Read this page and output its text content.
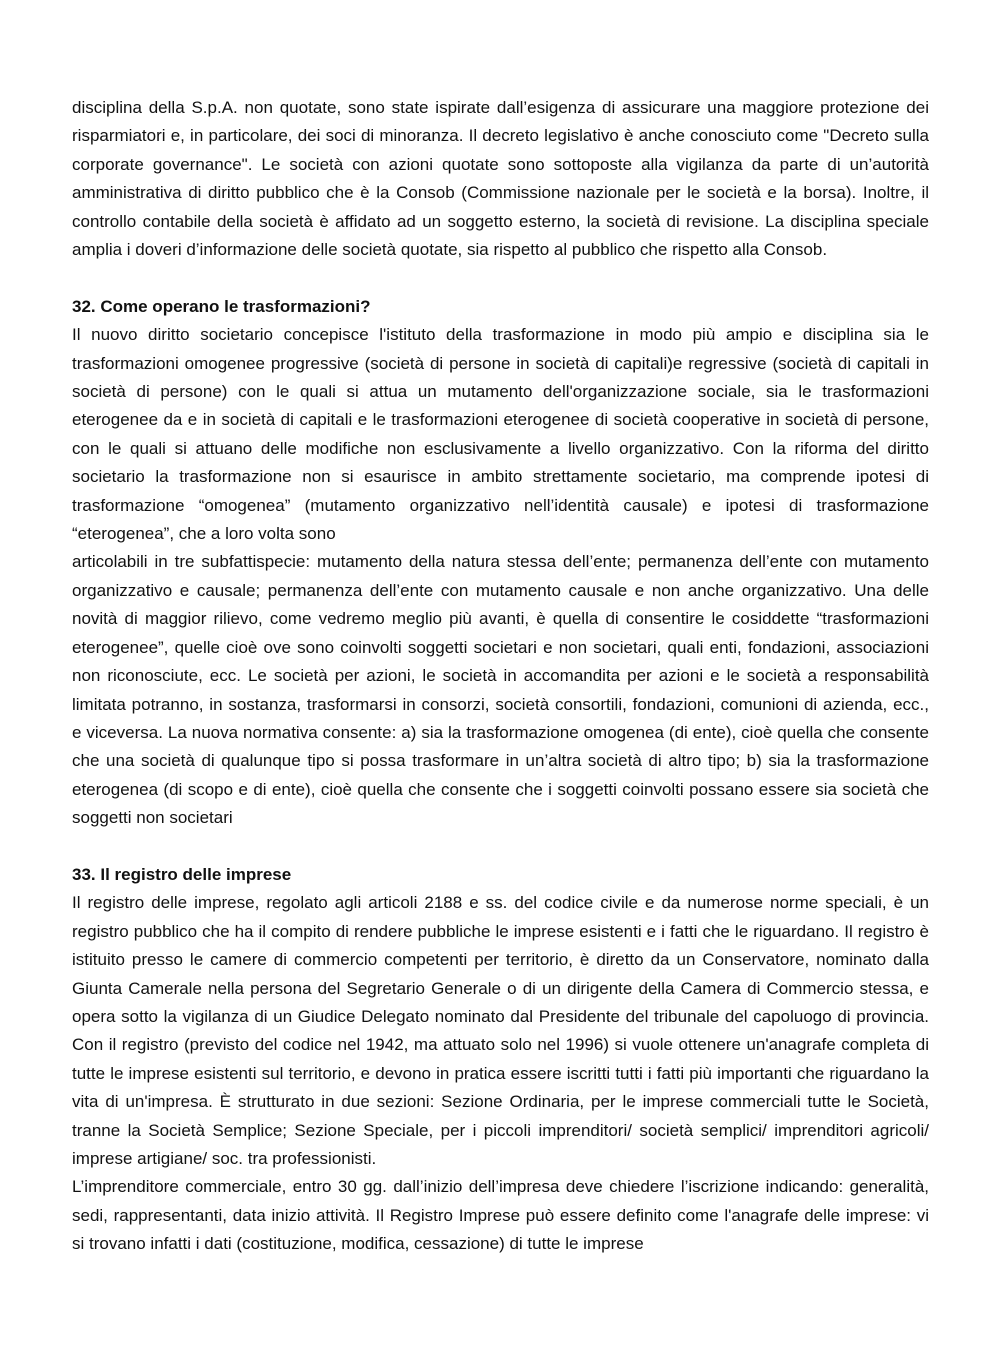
disciplina della S.p.A. non quotate, sono state ispirate dall’esigenza di assicurare una maggiore protezione dei risparmiatori e, in particolare, dei soci di minoranza. Il decreto legislativo è anche conosciuto come "Decreto sulla corporate governance". Le società con azioni quotate sono sottoposte alla vigilanza da parte di un’autorità amministrativa di diritto pubblico che è la Consob (Commissione nazionale per le società e la borsa). Inoltre, il controllo contabile della società è affidato ad un soggetto esterno, la società di revisione. La disciplina speciale amplia i doveri d’informazione delle società quotate, sia rispetto al pubblico che rispetto alla Consob.

32. Come operano le trasformazioni?

Il nuovo diritto societario concepisce l'istituto della trasformazione in modo più ampio e disciplina sia le trasformazioni omogenee progressive (società di persone in società di capitali)e regressive (società di capitali in società di persone) con le quali si attua un mutamento dell'organizzazione sociale, sia le trasformazioni eterogenee da e in società di capitali e le trasformazioni eterogenee di società cooperative in società di persone, con le quali si attuano delle modifiche non esclusivamente a livello organizzativo. Con la riforma del diritto societario la trasformazione non si esaurisce in ambito strettamente societario, ma comprende ipotesi di trasformazione “omogenea” (mutamento organizzativo nell’identità causale) e ipotesi di trasformazione “eterogenea”, che a loro volta sono

articolabili in tre subfattispecie: mutamento della natura stessa dell’ente; permanenza dell’ente con mutamento organizzativo e causale; permanenza dell’ente con mutamento causale e non anche organizzativo. Una delle novità di maggior rilievo, come vedremo meglio più avanti, è quella di consentire le cosiddette “trasformazioni eterogenee”, quelle cioè ove sono coinvolti soggetti societari e non societari, quali enti, fondazioni, associazioni non riconosciute, ecc. Le società per azioni, le società in accomandita per azioni e le società a responsabilità limitata potranno, in sostanza, trasformarsi in consorzi, società consortili, fondazioni, comunioni di azienda, ecc., e viceversa. La nuova normativa consente: a) sia la trasformazione omogenea (di ente), cioè quella che consente che una società di qualunque tipo si possa trasformare in un’altra società di altro tipo; b) sia la trasformazione eterogenea (di scopo e di ente), cioè quella che consente che i soggetti coinvolti possano essere sia società che soggetti non societari

33. Il registro delle imprese

Il registro delle imprese, regolato agli articoli 2188 e ss. del codice civile e da numerose norme speciali, è un registro pubblico che ha il compito di rendere pubbliche le imprese esistenti e i fatti che le riguardano. Il registro è istituito presso le camere di commercio competenti per territorio, è diretto da un Conservatore, nominato dalla Giunta Camerale nella persona del Segretario Generale o di un dirigente della Camera di Commercio stessa, e opera sotto la vigilanza di un Giudice Delegato nominato dal Presidente del tribunale del capoluogo di provincia. Con il registro (previsto del codice nel 1942, ma attuato solo nel 1996) si vuole ottenere un'anagrafe completa di tutte le imprese esistenti sul territorio, e devono in pratica essere iscritti tutti i fatti più importanti che riguardano la vita di un'impresa. È strutturato in due sezioni: Sezione Ordinaria, per le imprese commerciali tutte le Società, tranne la Società Semplice; Sezione Speciale, per i piccoli imprenditori/ società semplici/ imprenditori agricoli/ imprese artigiane/ soc. tra professionisti.

L’imprenditore commerciale, entro 30 gg. dall’inizio dell’impresa deve chiedere l’iscrizione indicando: generalità, sedi, rappresentanti, data inizio attività. Il Registro Imprese può essere definito come l'anagrafe delle imprese: vi si trovano infatti i dati (costituzione, modifica, cessazione) di tutte le imprese
